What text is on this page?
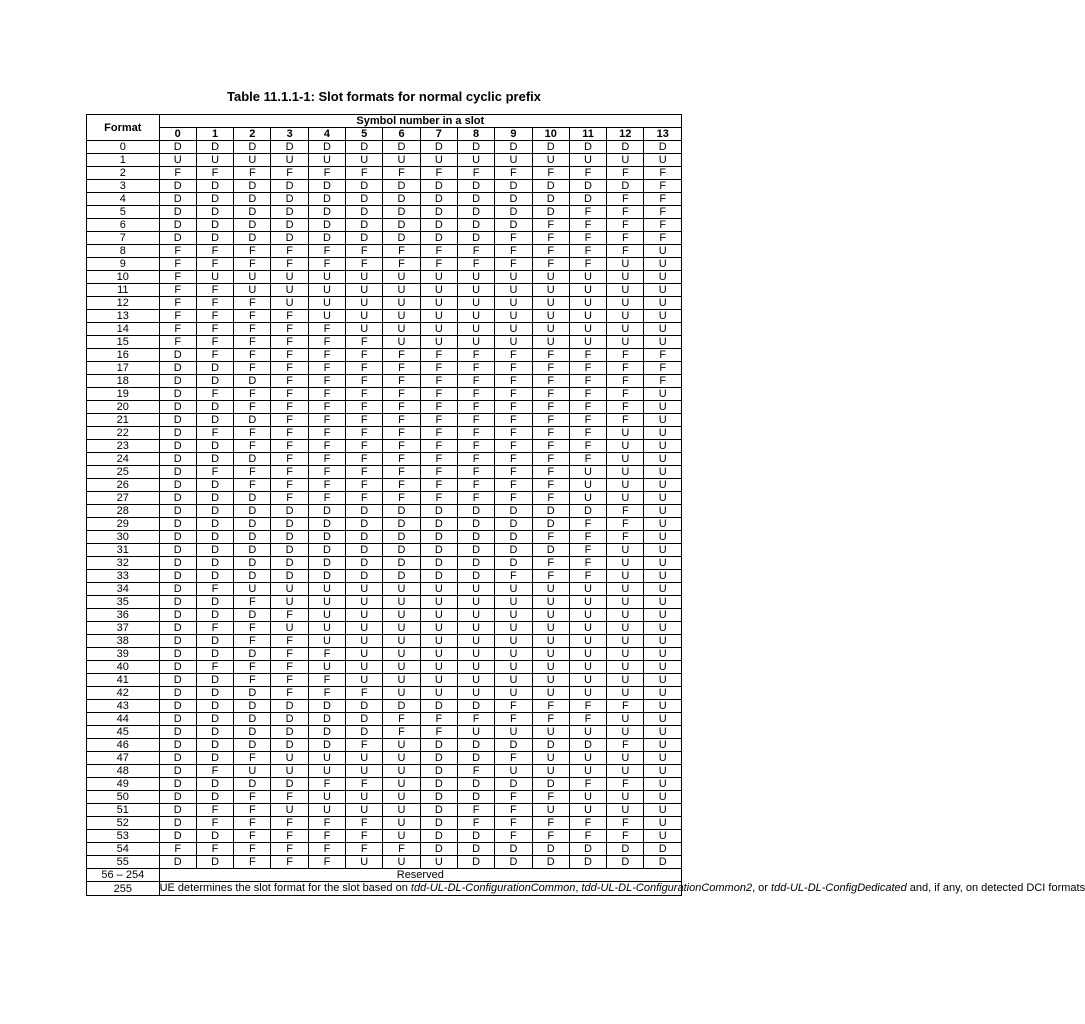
Table 11.1.1-1: Slot formats for normal cyclic prefix
Format	Symbol number in a slot													
	0	1	2	3	4	5	6	7	8	9	10	11	12	13
0	D	D	D	D	D	D	D	D	D	D	D	D	D	D
1	U	U	U	U	U	U	U	U	U	U	U	U	U	U
2	F	F	F	F	F	F	F	F	F	F	F	F	F	F
3	D	D	D	D	D	D	D	D	D	D	D	D	D	F
4	D	D	D	D	D	D	D	D	D	D	D	D	F	F
5	D	D	D	D	D	D	D	D	D	D	D	F	F	F
6	D	D	D	D	D	D	D	D	D	D	F	F	F	F
7	D	D	D	D	D	D	D	D	D	F	F	F	F	F
8	F	F	F	F	F	F	F	F	F	F	F	F	F	U
9	F	F	F	F	F	F	F	F	F	F	F	F	U	U
10	F	U	U	U	U	U	U	U	U	U	U	U	U	U
11	F	F	U	U	U	U	U	U	U	U	U	U	U	U
12	F	F	F	U	U	U	U	U	U	U	U	U	U	U
13	F	F	F	F	U	U	U	U	U	U	U	U	U	U
14	F	F	F	F	F	U	U	U	U	U	U	U	U	U
15	F	F	F	F	F	F	U	U	U	U	U	U	U	U
16	D	F	F	F	F	F	F	F	F	F	F	F	F	F
17	D	D	F	F	F	F	F	F	F	F	F	F	F	F
18	D	D	D	F	F	F	F	F	F	F	F	F	F	F
19	D	F	F	F	F	F	F	F	F	F	F	F	F	U
20	D	D	F	F	F	F	F	F	F	F	F	F	F	U
21	D	D	D	F	F	F	F	F	F	F	F	F	F	U
22	D	F	F	F	F	F	F	F	F	F	F	F	U	U
23	D	D	F	F	F	F	F	F	F	F	F	F	U	U
24	D	D	D	F	F	F	F	F	F	F	F	F	U	U
25	D	F	F	F	F	F	F	F	F	F	F	U	U	U
26	D	D	F	F	F	F	F	F	F	F	F	U	U	U
27	D	D	D	F	F	F	F	F	F	F	F	U	U	U
28	D	D	D	D	D	D	D	D	D	D	D	D	F	U
29	D	D	D	D	D	D	D	D	D	D	D	F	F	U
30	D	D	D	D	D	D	D	D	D	D	F	F	F	U
31	D	D	D	D	D	D	D	D	D	D	D	F	U	U
32	D	D	D	D	D	D	D	D	D	D	F	F	U	U
33	D	D	D	D	D	D	D	D	D	F	F	F	U	U
34	D	F	U	U	U	U	U	U	U	U	U	U	U	U
35	D	D	F	U	U	U	U	U	U	U	U	U	U	U
36	D	D	D	F	U	U	U	U	U	U	U	U	U	U
37	D	F	F	U	U	U	U	U	U	U	U	U	U	U
38	D	D	F	F	U	U	U	U	U	U	U	U	U	U
39	D	D	D	F	F	U	U	U	U	U	U	U	U	U
40	D	F	F	F	U	U	U	U	U	U	U	U	U	U
41	D	D	F	F	F	U	U	U	U	U	U	U	U	U
42	D	D	D	F	F	F	U	U	U	U	U	U	U	U
43	D	D	D	D	D	D	D	D	D	F	F	F	F	U
44	D	D	D	D	D	D	F	F	F	F	F	F	U	U
45	D	D	D	D	D	D	F	F	U	U	U	U	U	U
46	D	D	D	D	D	F	U	D	D	D	D	D	F	U
47	D	D	F	U	U	U	U	D	D	F	U	U	U	U
48	D	F	U	U	U	U	U	D	F	U	U	U	U	U
49	D	D	D	D	F	F	U	D	D	D	D	F	F	U
50	D	D	F	F	U	U	U	D	D	F	F	U	U	U
51	D	F	F	U	U	U	U	D	F	F	U	U	U	U
52	D	F	F	F	F	F	U	D	F	F	F	F	F	U
53	D	D	F	F	F	F	U	D	D	F	F	F	F	U
54	F	F	F	F	F	F	F	D	D	D	D	D	D	D
55	D	D	F	F	F	U	U	U	D	D	D	D	D	D
56 – 254	Reserved													
255	UE determines the slot format for the slot based on tdd-UL-DL-ConfigurationCommon, tdd-UL-DL-ConfigurationCommon2, or tdd-UL-DL-ConfigDedicated and, if any, on detected DCI formats													
